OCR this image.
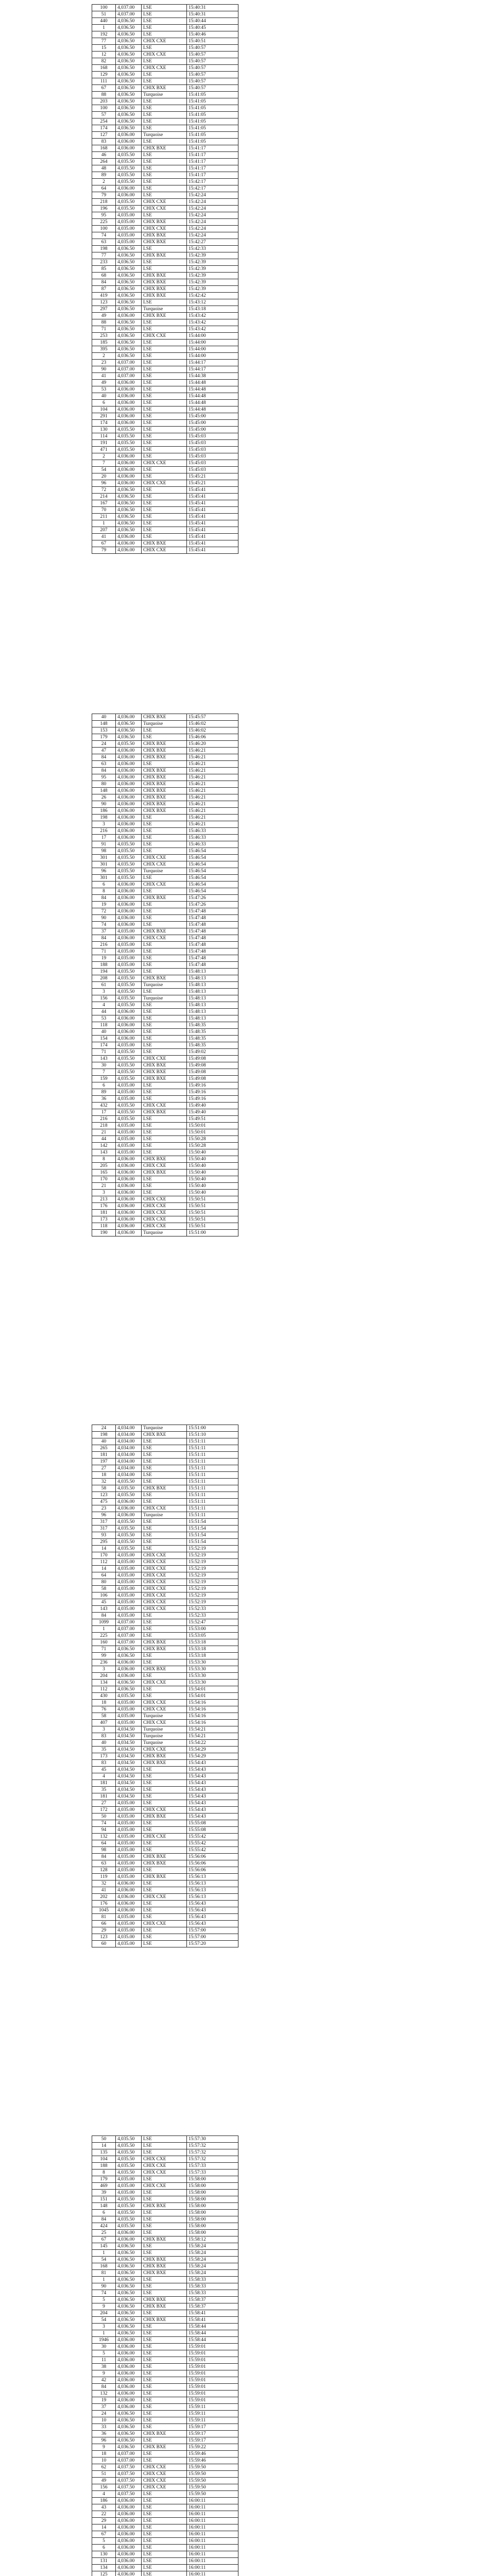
100	4,037.00	LSE	15:40:31
51	4,037.00	LSE	15:40:31
440	4,036.50	LSE	15:40:44
1	4,036.50	LSE	15:40:45
192	4,036.50	LSE	15:40:46
77	4,036.50	CHIX CXE	15:40:51
15	4,036.50	LSE	15:40:57
12	4,036.50	CHIX CXE	15:40:57
82	4,036.50	LSE	15:40:57
168	4,036.50	CHIX CXE	15:40:57
129	4,036.50	LSE	15:40:57
111	4,036.50	LSE	15:40:57
67	4,036.50	CHIX BXE	15:40:57
88	4,036.50	Turquoise	15:41:05
203	4,036.50	LSE	15:41:05
100	4,036.50	LSE	15:41:05
57	4,036.50	LSE	15:41:05
254	4,036.50	LSE	15:41:05
174	4,036.50	LSE	15:41:05
127	4,036.00	Turquoise	15:41:05
83	4,036.00	LSE	15:41:05
168	4,036.00	CHIX BXE	15:41:17
46	4,035.50	LSE	15:41:17
264	4,035.50	LSE	15:41:17
48	4,035.50	LSE	15:41:17
89	4,035.50	LSE	15:41:17
2	4,035.50	LSE	15:42:17
64	4,036.00	LSE	15:42:17
79	4,036.00	LSE	15:42:24
218	4,035.50	CHIX CXE	15:42:24
196	4,035.50	CHIX CXE	15:42:24
95	4,035.00	LSE	15:42:24
225	4,035.00	CHIX BXE	15:42:24
100	4,035.00	CHIX CXE	15:42:24
74	4,035.00	CHIX BXE	15:42:24
63	4,035.00	CHIX BXE	15:42:27
198	4,036.50	LSE	15:42:33
77	4,036.50	CHIX BXE	15:42:39
233	4,036.50	LSE	15:42:39
85	4,036.50	LSE	15:42:39
68	4,036.50	CHIX BXE	15:42:39
84	4,036.50	CHIX BXE	15:42:39
87	4,036.50	CHIX BXE	15:42:39
419	4,036.50	CHIX BXE	15:42:42
123	4,036.50	LSE	15:43:12
297	4,036.50	Turquoise	15:43:18
49	4,036.00	CHIX BXE	15:43:42
88	4,036.50	LSE	15:43:42
71	4,036.50	LSE	15:43:42
253	4,036.50	CHIX CXE	15:44:00
185	4,036.50	LSE	15:44:00
395	4,036.50	LSE	15:44:00
2	4,036.50	LSE	15:44:00
23	4,037.00	LSE	15:44:17
90	4,037.00	LSE	15:44:17
41	4,037.00	LSE	15:44:38
49	4,036.00	LSE	15:44:48
53	4,036.00	LSE	15:44:48
40	4,036.00	LSE	15:44:48
6	4,036.00	LSE	15:44:48
104	4,036.00	LSE	15:44:48
291	4,036.00	LSE	15:45:00
174	4,036.00	LSE	15:45:00
130	4,035.50	LSE	15:45:00
114	4,035.50	LSE	15:45:03
191	4,035.50	LSE	15:45:03
471	4,035.50	LSE	15:45:03
2	4,036.00	LSE	15:45:03
7	4,036.00	CHIX CXE	15:45:03
54	4,036.00	LSE	15:45:03
20	4,036.00	LSE	15:45:21
96	4,036.00	CHIX CXE	15:45:21
72	4,036.50	LSE	15:45:41
214	4,036.50	LSE	15:45:41
167	4,036.50	LSE	15:45:41
70	4,036.50	LSE	15:45:41
211	4,036.50	LSE	15:45:41
1	4,036.50	LSE	15:45:41
207	4,036.50	LSE	15:45:41
41	4,036.00	LSE	15:45:41
67	4,036.00	CHIX BXE	15:45:41
79	4,036.00	CHIX CXE	15:45:41
40	4,036.00	CHIX BXE	15:45:57
148	4,036.50	Turquoise	15:46:02
153	4,036.50	LSE	15:46:02
179	4,036.50	LSE	15:46:06
24	4,035.50	CHIX BXE	15:46:20
47	4,036.00	CHIX BXE	15:46:21
84	4,036.00	CHIX BXE	15:46:21
63	4,036.00	LSE	15:46:21
84	4,036.00	CHIX BXE	15:46:21
95	4,036.00	CHIX BXE	15:46:21
80	4,036.00	CHIX BXE	15:46:21
148	4,036.00	CHIX BXE	15:46:21
26	4,036.00	CHIX BXE	15:46:21
90	4,036.00	CHIX BXE	15:46:21
186	4,036.00	CHIX BXE	15:46:21
198	4,036.00	LSE	15:46:21
3	4,036.00	LSE	15:46:21
216	4,036.00	LSE	15:46:33
17	4,036.00	LSE	15:46:33
91	4,035.50	LSE	15:46:33
98	4,035.50	LSE	15:46:54
301	4,035.50	CHIX CXE	15:46:54
301	4,035.50	CHIX CXE	15:46:54
96	4,035.50	Turquoise	15:46:54
301	4,035.50	LSE	15:46:54
6	4,036.00	CHIX CXE	15:46:54
8	4,036.00	LSE	15:46:54
84	4,036.00	CHIX BXE	15:47:26
19	4,036.00	LSE	15:47:26
72	4,036.00	LSE	15:47:48
90	4,036.00	LSE	15:47:48
74	4,036.00	LSE	15:47:48
37	4,035.00	CHIX BXE	15:47:48
84	4,036.00	CHIX CXE	15:47:48
216	4,035.00	LSE	15:47:48
71	4,035.00	LSE	15:47:48
19	4,035.00	LSE	15:47:48
188	4,035.00	LSE	15:47:48
194	4,035.50	LSE	15:48:13
208	4,035.50	CHIX BXE	15:48:13
61	4,035.50	Turquoise	15:48:13
3	4,035.50	LSE	15:48:13
156	4,035.50	Turquoise	15:48:13
4	4,035.50	LSE	15:48:13
44	4,036.00	LSE	15:48:13
53	4,036.00	LSE	15:48:13
118	4,036.00	LSE	15:48:35
40	4,036.00	LSE	15:48:35
154	4,036.00	LSE	15:48:35
174	4,035.00	LSE	15:48:35
71	4,035.50	LSE	15:49:02
143	4,035.50	CHIX CXE	15:49:08
30	4,035.50	CHIX BXE	15:49:08
7	4,035.50	CHIX BXE	15:49:08
159	4,035.50	CHIX BXE	15:49:08
6	4,035.00	LSE	15:49:16
89	4,035.00	LSE	15:49:16
36	4,035.00	LSE	15:49:16
432	4,035.50	CHIX CXE	15:49:40
17	4,035.50	CHIX BXE	15:49:40
216	4,035.50	LSE	15:49:51
218	4,035.00	LSE	15:50:01
21	4,035.00	LSE	15:50:01
44	4,035.00	LSE	15:50:28
142	4,035.00	LSE	15:50:28
143	4,035.00	LSE	15:50:40
8	4,036.00	CHIX BXE	15:50:40
205	4,036.00	CHIX CXE	15:50:40
165	4,036.00	CHIX BXE	15:50:40
170	4,036.00	LSE	15:50:40
21	4,036.00	LSE	15:50:40
3	4,036.00	LSE	15:50:40
213	4,036.00	CHIX CXE	15:50:51
176	4,036.00	CHIX CXE	15:50:51
181	4,036.00	CHIX CXE	15:50:51
173	4,036.00	CHIX CXE	15:50:51
118	4,036.00	CHIX CXE	15:50:51
190	4,036.00	Turquoise	15:51:00
24	4,034.00	Turquoise	15:51:00
198	4,034.00	CHIX BXE	15:51:10
40	4,034.00	LSE	15:51:11
265	4,034.00	LSE	15:51:11
181	4,034.00	LSE	15:51:11
197	4,034.00	LSE	15:51:11
27	4,034.00	LSE	15:51:11
18	4,034.00	LSE	15:51:11
32	4,035.50	LSE	15:51:11
58	4,035.50	CHIX BXE	15:51:11
123	4,035.50	LSE	15:51:11
475	4,036.00	LSE	15:51:11
23	4,036.00	CHIX CXE	15:51:11
96	4,036.00	Turquoise	15:51:11
317	4,035.50	LSE	15:51:54
317	4,035.50	LSE	15:51:54
93	4,035.50	LSE	15:51:54
295	4,035.50	LSE	15:51:54
14	4,035.50	LSE	15:52:19
170	4,035.00	CHIX CXE	15:52:19
112	4,035.00	CHIX CXE	15:52:19
14	4,035.00	CHIX CXE	15:52:19
64	4,035.00	CHIX CXE	15:52:19
80	4,035.00	CHIX CXE	15:52:19
58	4,035.00	CHIX CXE	15:52:19
106	4,035.00	CHIX CXE	15:52:19
45	4,035.00	CHIX CXE	15:52:19
143	4,035.00	CHIX CXE	15:52:33
84	4,035.00	LSE	15:52:33
1099	4,037.00	LSE	15:52:47
1	4,037.00	LSE	15:53:00
225	4,037.00	LSE	15:53:05
160	4,037.00	CHIX BXE	15:53:18
71	4,036.50	CHIX BXE	15:53:18
99	4,036.50	LSE	15:53:18
236	4,036.00	LSE	15:53:30
3	4,036.00	CHIX BXE	15:53:30
204	4,036.00	LSE	15:53:30
134	4,036.50	CHIX CXE	15:53:30
112	4,036.50	LSE	15:54:01
430	4,035.50	LSE	15:54:01
18	4,035.00	CHIX CXE	15:54:16
76	4,035.00	CHIX CXE	15:54:16
58	4,035.00	Turquoise	15:54:16
407	4,035.00	CHIX CXE	15:54:16
3	4,034.50	Turquoise	15:54:21
83	4,034.50	Turquoise	15:54:21
40	4,034.50	Turquoise	15:54:22
35	4,034.50	CHIX CXE	15:54:29
173	4,034.50	CHIX BXE	15:54:29
83	4,034.50	CHIX BXE	15:54:43
45	4,034.50	LSE	15:54:43
4	4,034.50	LSE	15:54:43
181	4,034.50	LSE	15:54:43
35	4,034.50	LSE	15:54:43
181	4,034.50	LSE	15:54:43
27	4,035.00	LSE	15:54:43
172	4,035.00	CHIX CXE	15:54:43
50	4,035.00	CHIX BXE	15:54:43
74	4,035.00	LSE	15:55:08
94	4,035.00	LSE	15:55:08
132	4,035.00	CHIX CXE	15:55:42
64	4,035.00	LSE	15:55:42
98	4,035.00	LSE	15:55:42
84	4,035.00	CHIX BXE	15:56:06
63	4,035.00	CHIX BXE	15:56:06
128	4,035.00	LSE	15:56:06
119	4,035.00	CHIX BXE	15:56:13
32	4,036.00	LSE	15:56:13
41	4,036.00	LSE	15:56:13
202	4,036.00	CHIX CXE	15:56:13
176	4,036.00	LSE	15:56:43
1045	4,036.00	LSE	15:56:43
81	4,035.00	LSE	15:56:43
66	4,035.00	CHIX CXE	15:56:43
29	4,035.00	LSE	15:57:00
123	4,035.00	LSE	15:57:00
60	4,035.00	LSE	15:57:20
50	4,035.50	LSE	15:57:30
14	4,035.50	LSE	15:57:32
135	4,035.50	LSE	15:57:32
104	4,035.50	CHIX CXE	15:57:32
188	4,035.50	CHIX CXE	15:57:33
8	4,035.50	CHIX CXE	15:57:33
179	4,035.00	LSE	15:58:00
469	4,035.00	CHIX CXE	15:58:00
39	4,035.00	LSE	15:58:00
151	4,035.50	LSE	15:58:00
148	4,035.50	CHIX BXE	15:58:00
6	4,035.50	LSE	15:58:00
84	4,035.50	LSE	15:58:00
424	4,035.50	LSE	15:58:00
25	4,036.00	LSE	15:58:00
67	4,036.00	CHIX BXE	15:58:12
145	4,036.50	LSE	15:58:24
1	4,036.50	LSE	15:58:24
54	4,036.50	CHIX BXE	15:58:24
168	4,036.50	CHIX BXE	15:58:24
81	4,036.50	CHIX BXE	15:58:24
1	4,036.50	LSE	15:58:33
90	4,036.50	LSE	15:58:33
74	4,036.50	LSE	15:58:33
5	4,036.50	CHIX BXE	15:58:37
9	4,036.50	CHIX BXE	15:58:37
204	4,036.50	LSE	15:58:41
54	4,036.50	CHIX BXE	15:58:41
3	4,036.50	LSE	15:58:44
1	4,036.50	LSE	15:58:44
1946	4,036.00	LSE	15:58:44
30	4,036.00	LSE	15:59:01
5	4,036.00	LSE	15:59:01
11	4,036.00	LSE	15:59:01
38	4,036.00	LSE	15:59:01
9	4,036.00	LSE	15:59:01
42	4,036.00	LSE	15:59:01
84	4,036.00	LSE	15:59:01
132	4,036.00	LSE	15:59:01
19	4,036.00	LSE	15:59:01
37	4,036.00	LSE	15:59:11
24	4,036.50	LSE	15:59:11
10	4,036.50	LSE	15:59:11
33	4,036.50	LSE	15:59:17
36	4,036.50	CHIX BXE	15:59:17
96	4,036.50	LSE	15:59:17
9	4,036.50	CHIX BXE	15:59:22
18	4,037.00	LSE	15:59:46
10	4,037.00	LSE	15:59:46
62	4,037.50	CHIX CXE	15:59:50
51	4,037.50	CHIX CXE	15:59:50
49	4,037.50	CHIX CXE	15:59:50
156	4,037.50	CHIX CXE	15:59:50
4	4,037.50	LSE	15:59:50
186	4,036.00	LSE	16:00:11
43	4,036.00	LSE	16:00:11
22	4,036.00	LSE	16:00:11
29	4,036.00	LSE	16:00:11
14	4,036.00	LSE	16:00:11
67	4,036.00	LSE	16:00:11
5	4,036.00	LSE	16:00:11
6	4,036.00	LSE	16:00:11
130	4,036.00	LSE	16:00:11
131	4,036.00	LSE	16:00:11
134	4,036.00	LSE	16:00:11
125	4,036.00	LSE	16:00:11
